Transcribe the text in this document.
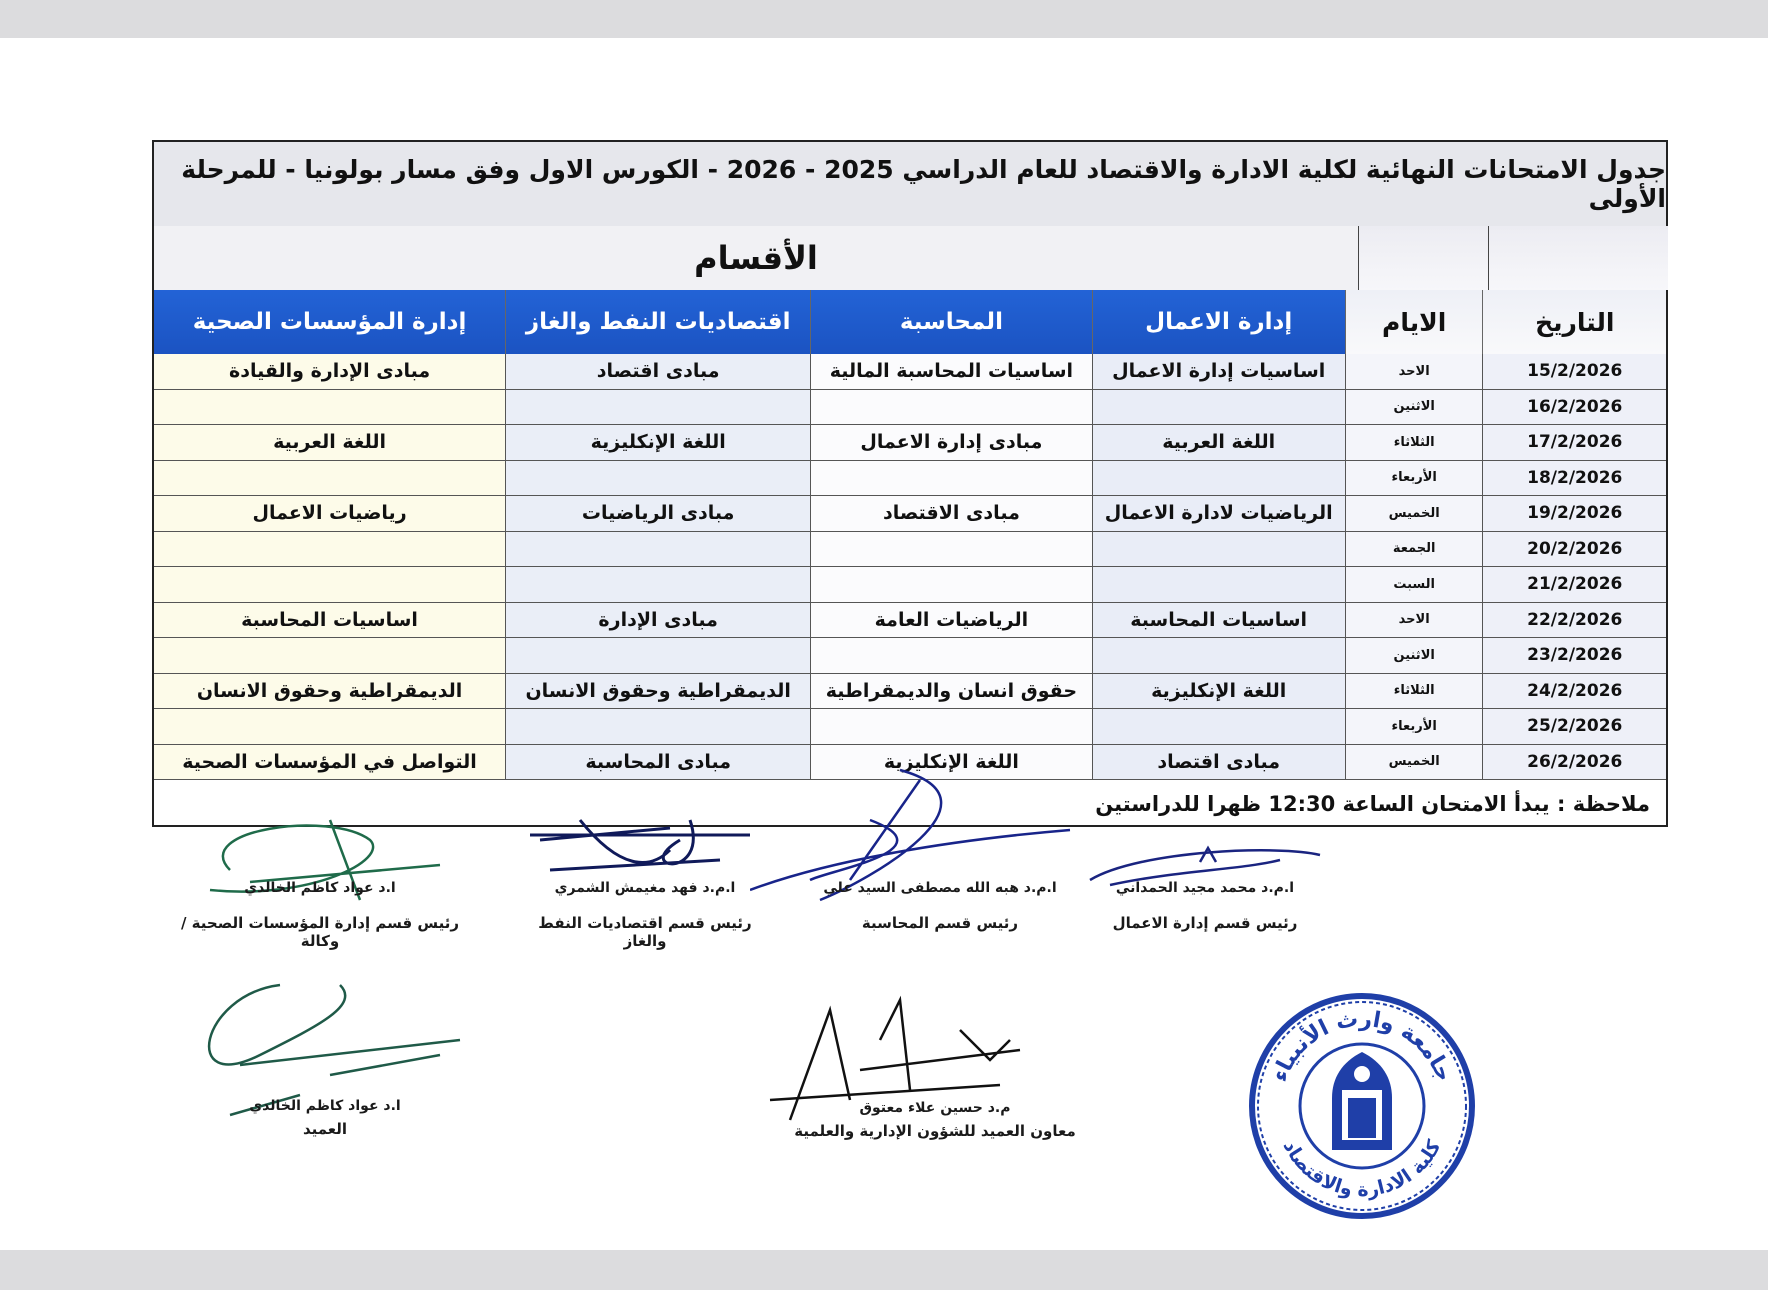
جدول الامتحانات النهائية لكلية الادارة والاقتصاد للعام الدراسي 2025 - 2026 - الكورس الاول وفق مسار بولونيا - للمرحلة الأولى
الأقسام
التاريخ
الايام
إدارة الاعمال
المحاسبة
اقتصاديات النفط والغاز
إدارة المؤسسات الصحية
15/2/2026
الاحد
اساسيات إدارة الاعمال
اساسيات المحاسبة المالية
مبادى اقتصاد
مبادى الإدارة والقيادة
16/2/2026
الاثنين
17/2/2026
الثلاثاء
اللغة العربية
مبادى إدارة الاعمال
اللغة الإنكليزية
اللغة العربية
18/2/2026
الأربعاء
19/2/2026
الخميس
الرياضيات لادارة الاعمال
مبادى الاقتصاد
مبادى الرياضيات
رياضيات الاعمال
20/2/2026
الجمعة
21/2/2026
السبت
22/2/2026
الاحد
اساسيات المحاسبة
الرياضيات العامة
مبادى الإدارة
اساسيات المحاسبة
23/2/2026
الاثنين
24/2/2026
الثلاثاء
اللغة الإنكليزية
حقوق انسان والديمقراطية
الديمقراطية وحقوق الانسان
الديمقراطية وحقوق الانسان
25/2/2026
الأربعاء
26/2/2026
الخميس
مبادى اقتصاد
اللغة الإنكليزية
مبادى المحاسبة
التواصل في المؤسسات الصحية
ملاحظة : يبدأ الامتحان الساعة 12:30 ظهرا للدراستين
ا.م.د محمد مجيد الحمداني
رئيس قسم إدارة الاعمال
ا.م.د هبه الله مصطفى السيد علي
رئيس قسم المحاسبة
ا.م.د فهد مغيمش الشمري
رئيس قسم اقتصاديات النفط والغاز
ا.د عواد كاظم الخالدي
رئيس قسم إدارة المؤسسات الصحية / وكالة
م.د حسين علاء معتوق
معاون العميد للشؤون الإدارية والعلمية
ا.د عواد كاظم الخالدي
العميد
جامعة وارث الأنبياء
كلية الادارة والاقتصاد
